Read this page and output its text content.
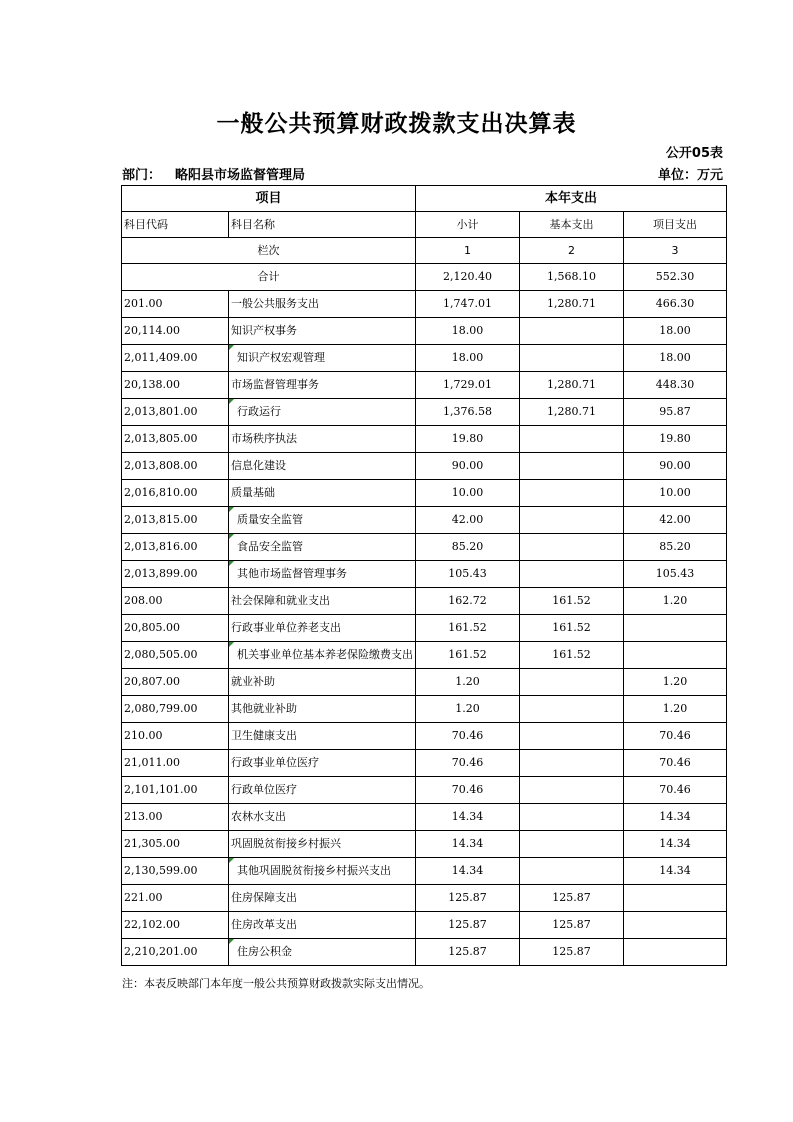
一般公共预算财政拨款支出决算表
公开05表
部门： 略阳县市场监督管理局	单位：万元
项目		本年支出		
科目代码	科目名称	小计	基本支出	项目支出
栏次		1	2	3
合计		2,120.40	1,568.10	552.30
201.00	一般公共服务支出	1,747.01	1,280.71	466.30
20,114.00	知识产权事务	18.00		18.00
2,011,409.00	知识产权宏观管理	18.00		18.00
20,138.00	市场监督管理事务	1,729.01	1,280.71	448.30
2,013,801.00	行政运行	1,376.58	1,280.71	95.87
2,013,805.00	市场秩序执法	19.80		19.80
2,013,808.00	信息化建设	90.00		90.00
2,016,810.00	质量基础	10.00		10.00
2,013,815.00	质量安全监管	42.00		42.00
2,013,816.00	食品安全监管	85.20		85.20
2,013,899.00	其他市场监督管理事务	105.43		105.43
208.00	社会保障和就业支出	162.72	161.52	1.20
20,805.00	行政事业单位养老支出	161.52	161.52	
2,080,505.00	机关事业单位基本养老保险缴费支出	161.52	161.52	
20,807.00	就业补助	1.20		1.20
2,080,799.00	其他就业补助	1.20		1.20
210.00	卫生健康支出	70.46		70.46
21,011.00	行政事业单位医疗	70.46		70.46
2,101,101.00	行政单位医疗	70.46		70.46
213.00	农林水支出	14.34		14.34
21,305.00	巩固脱贫衔接乡村振兴	14.34		14.34
2,130,599.00	其他巩固脱贫衔接乡村振兴支出	14.34		14.34
221.00	住房保障支出	125.87	125.87	
22,102.00	住房改革支出	125.87	125.87	
2,210,201.00	住房公积金	125.87	125.87	
注：本表反映部门本年度一般公共预算财政拨款实际支出情况。
